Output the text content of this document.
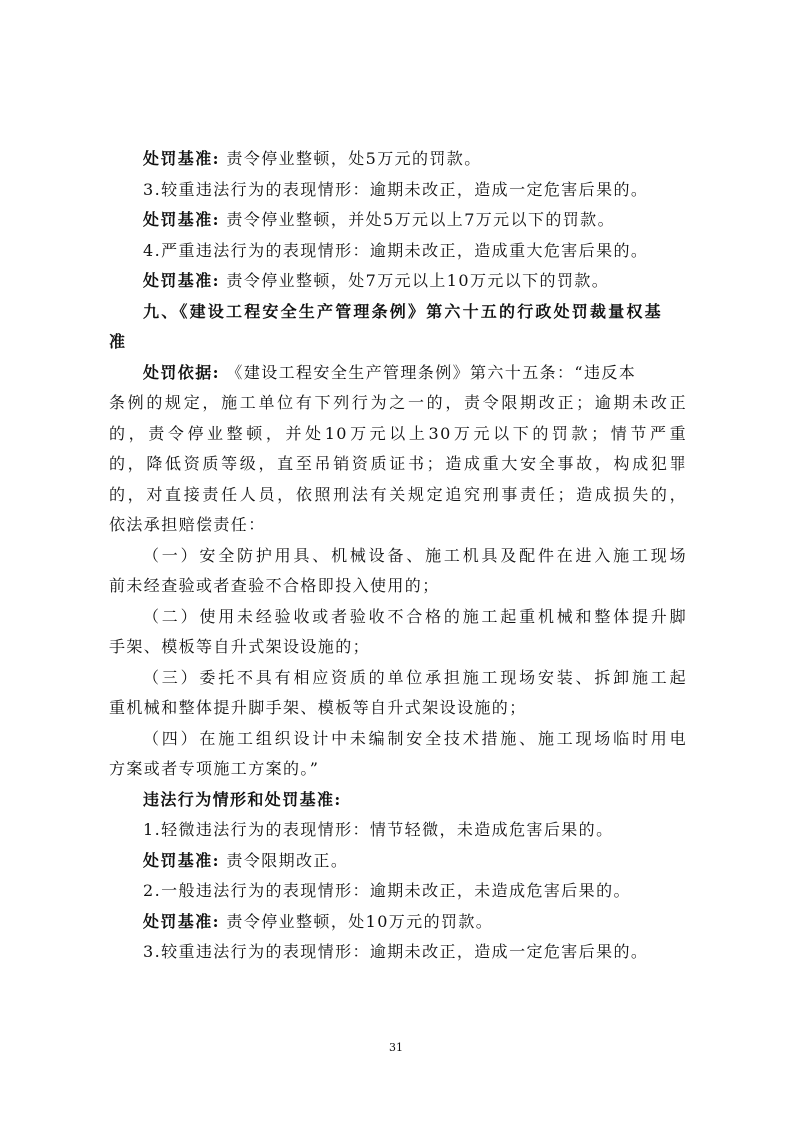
处罚基准: 责令停业整顿，处5万元的罚款。
3.较重违法行为的表现情形：逾期未改正，造成一定危害后果的。
处罚基准: 责令停业整顿，并处5万元以上7万元以下的罚款。
4.严重违法行为的表现情形：逾期未改正，造成重大危害后果的。
处罚基准: 责令停业整顿，处7万元以上10万元以下的罚款。
九、《建设工程安全生产管理条例》第六十五的行政处罚裁量权基
准
处罚依据: 《建设工程安全生产管理条例》第六十五条：“违反本
条例的规定，施工单位有下列行为之一的，责令限期改正；逾期未改正
的，责令停业整顿，并处10万元以上30万元以下的罚款；情节严重
的，降低资质等级，直至吊销资质证书；造成重大安全事故，构成犯罪
的，对直接责任人员，依照刑法有关规定追究刑事责任；造成损失的，
依法承担赔偿责任：
（一）安全防护用具、机械设备、施工机具及配件在进入施工现场
前未经查验或者查验不合格即投入使用的；
（二）使用未经验收或者验收不合格的施工起重机械和整体提升脚
手架、模板等自升式架设设施的；
（三）委托不具有相应资质的单位承担施工现场安装、拆卸施工起
重机械和整体提升脚手架、模板等自升式架设设施的；
（四）在施工组织设计中未编制安全技术措施、施工现场临时用电
方案或者专项施工方案的。”
违法行为情形和处罚基准:
1.轻微违法行为的表现情形：情节轻微，未造成危害后果的。
处罚基准: 责令限期改正。
2.一般违法行为的表现情形：逾期未改正，未造成危害后果的。
处罚基准: 责令停业整顿，处10万元的罚款。
3.较重违法行为的表现情形：逾期未改正，造成一定危害后果的。
31
